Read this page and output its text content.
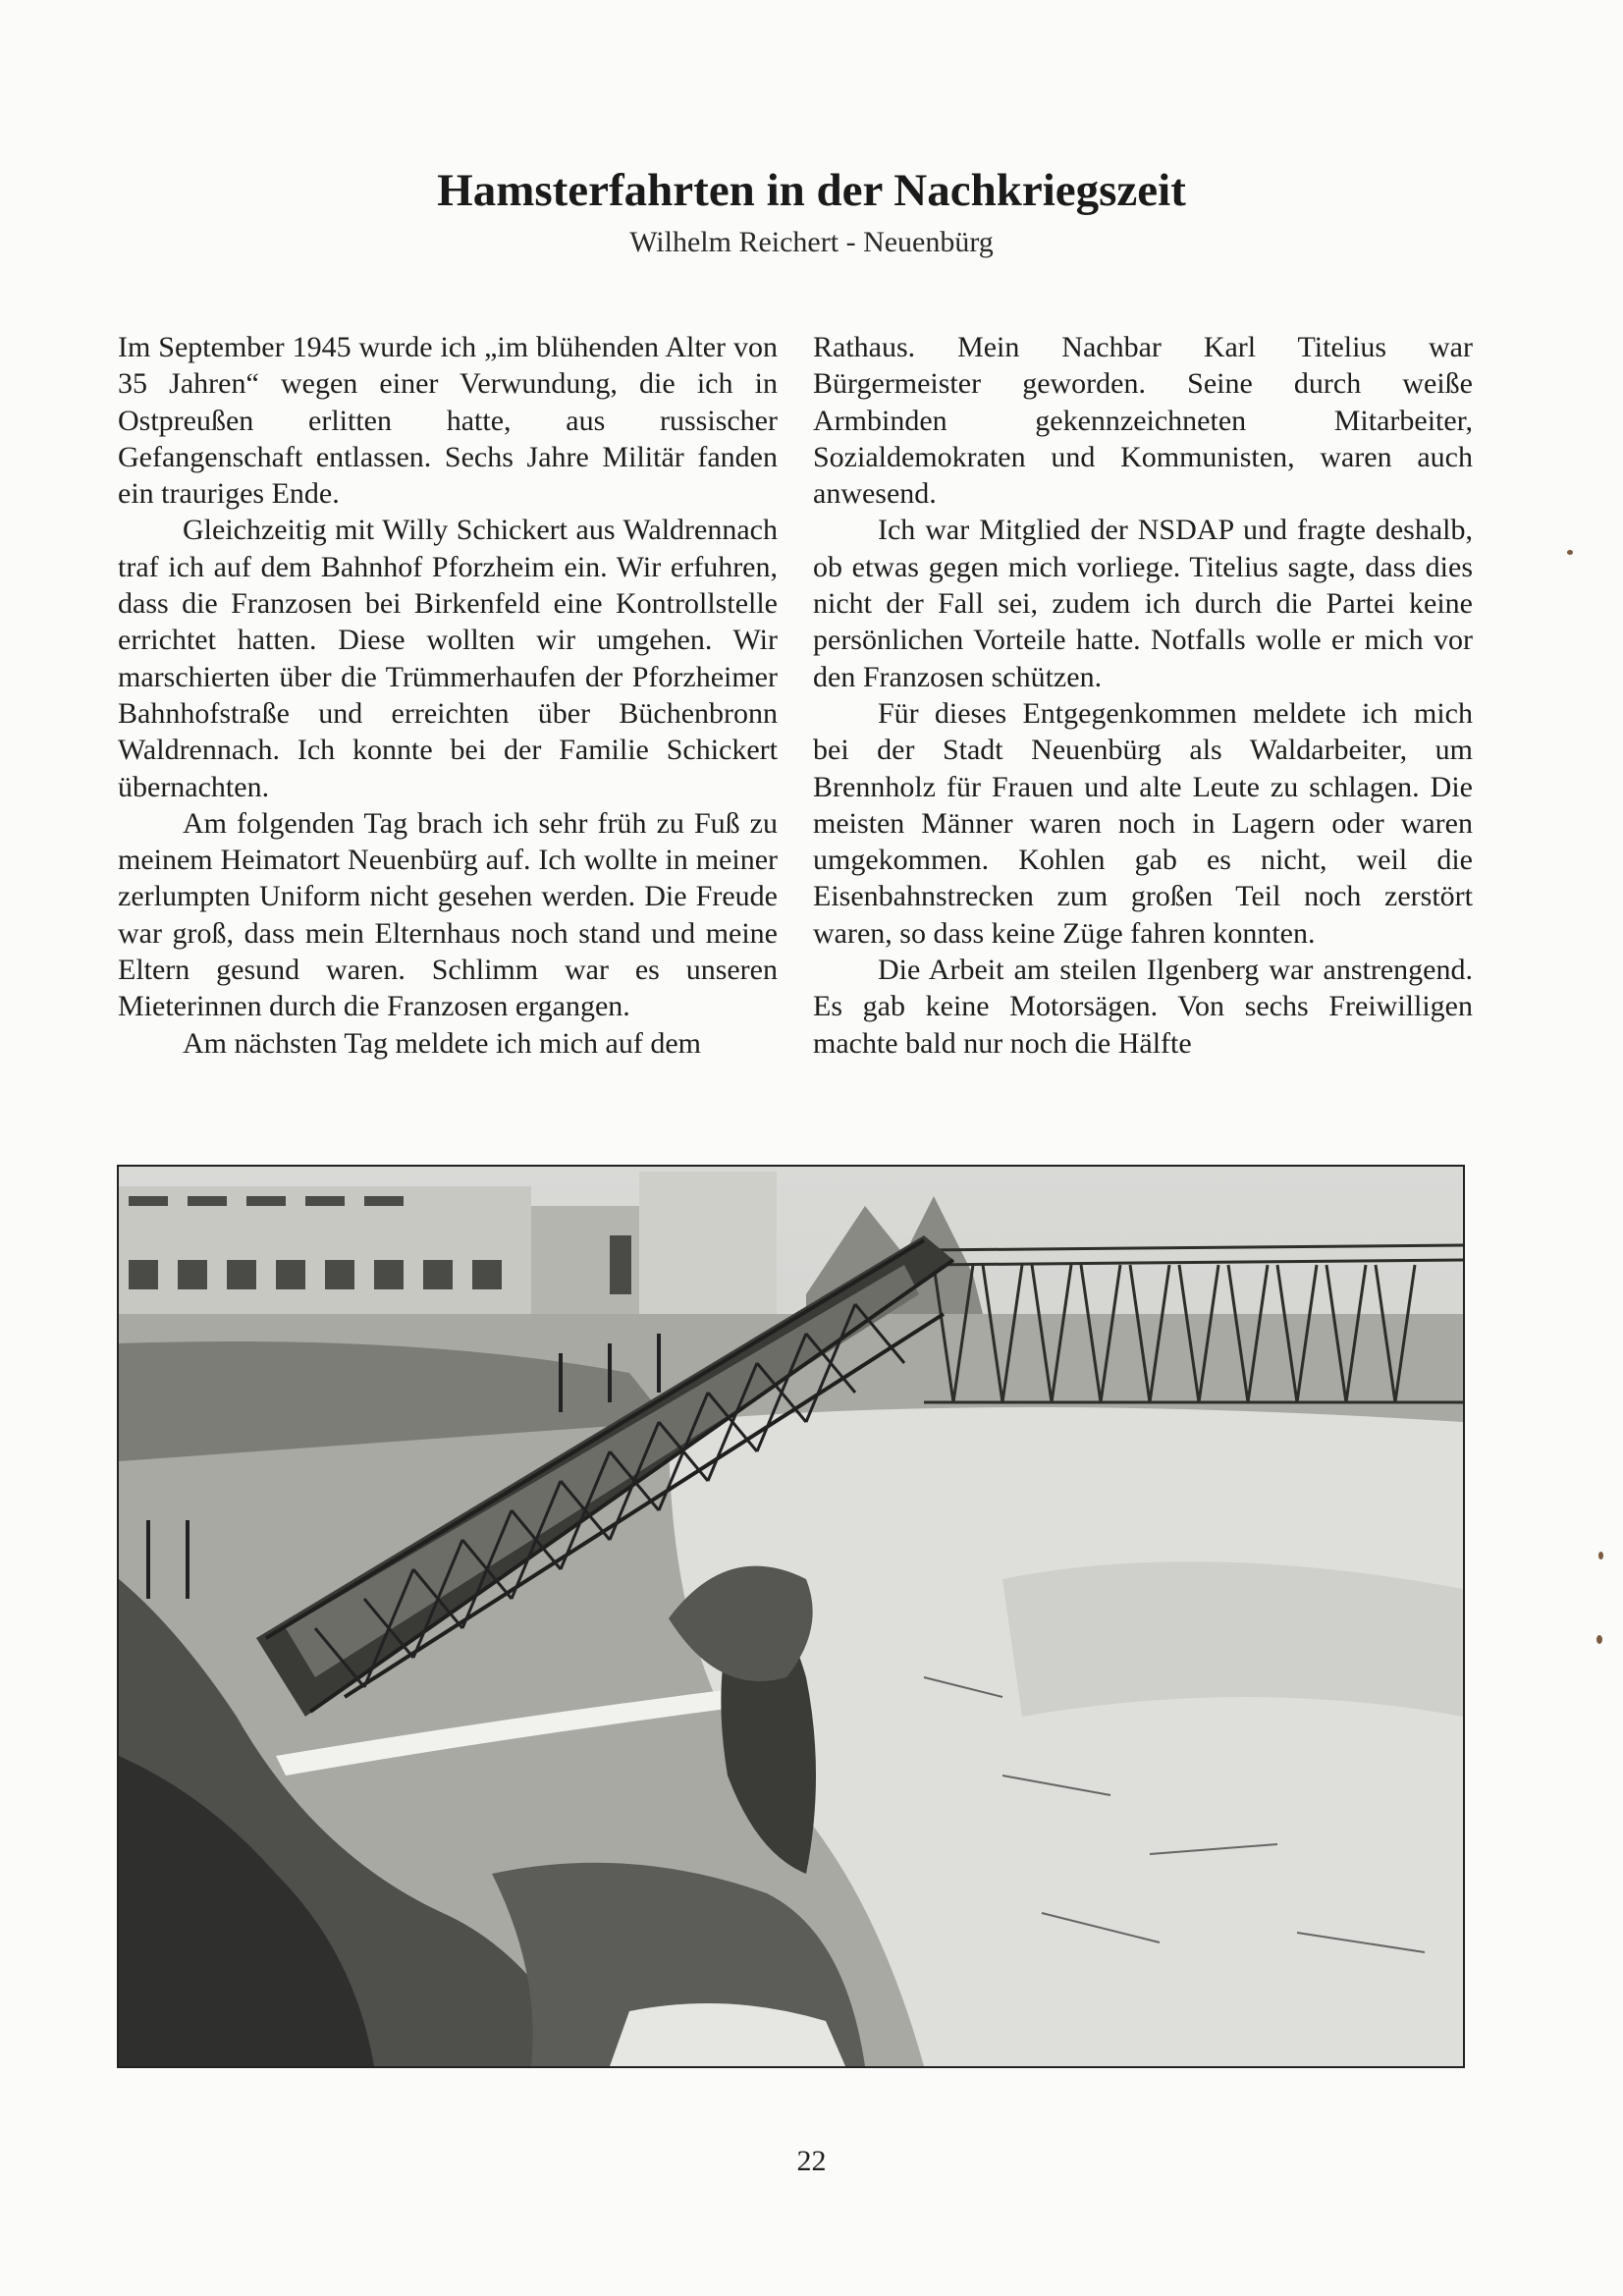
Hamsterfahrten in der Nachkriegszeit
Wilhelm Reichert - Neuenbürg

Im September 1945 wurde ich „im blühenden Alter von 35 Jahren“ wegen einer Verwundung, die ich in Ostpreußen erlitten hatte, aus russischer Gefangenschaft entlassen. Sechs Jahre Militär fanden ein trauriges Ende.

Gleichzeitig mit Willy Schickert aus Waldrennach traf ich auf dem Bahnhof Pforzheim ein. Wir erfuhren, dass die Franzosen bei Birkenfeld eine Kontrollstelle errichtet hatten. Diese wollten wir umgehen. Wir marschierten über die Trümmerhaufen der Pforzheimer Bahnhofstraße und erreichten über Büchenbronn Waldrennach. Ich konnte bei der Familie Schickert übernachten.

Am folgenden Tag brach ich sehr früh zu Fuß zu meinem Heimatort Neuenbürg auf. Ich wollte in meiner zerlumpten Uniform nicht gesehen werden. Die Freude war groß, dass mein Elternhaus noch stand und meine Eltern gesund waren. Schlimm war es unseren Mieterinnen durch die Franzosen ergangen.

Am nächsten Tag meldete ich mich auf dem

Rathaus. Mein Nachbar Karl Titelius war Bürgermeister geworden. Seine durch weiße Armbinden gekennzeichneten Mitarbeiter, Sozialdemokraten und Kommunisten, waren auch anwesend.

Ich war Mitglied der NSDAP und fragte deshalb, ob etwas gegen mich vorliege. Titelius sagte, dass dies nicht der Fall sei, zudem ich durch die Partei keine persönlichen Vorteile hatte. Notfalls wolle er mich vor den Franzosen schützen.

Für dieses Entgegenkommen meldete ich mich bei der Stadt Neuenbürg als Waldarbeiter, um Brennholz für Frauen und alte Leute zu schlagen. Die meisten Männer waren noch in Lagern oder waren umgekommen. Kohlen gab es nicht, weil die Eisenbahnstrecken zum großen Teil noch zerstört waren, so dass keine Züge fahren konnten.

Die Arbeit am steilen Ilgenberg war anstrengend. Es gab keine Motorsägen. Von sechs Freiwilligen machte bald nur noch die Hälfte

22
